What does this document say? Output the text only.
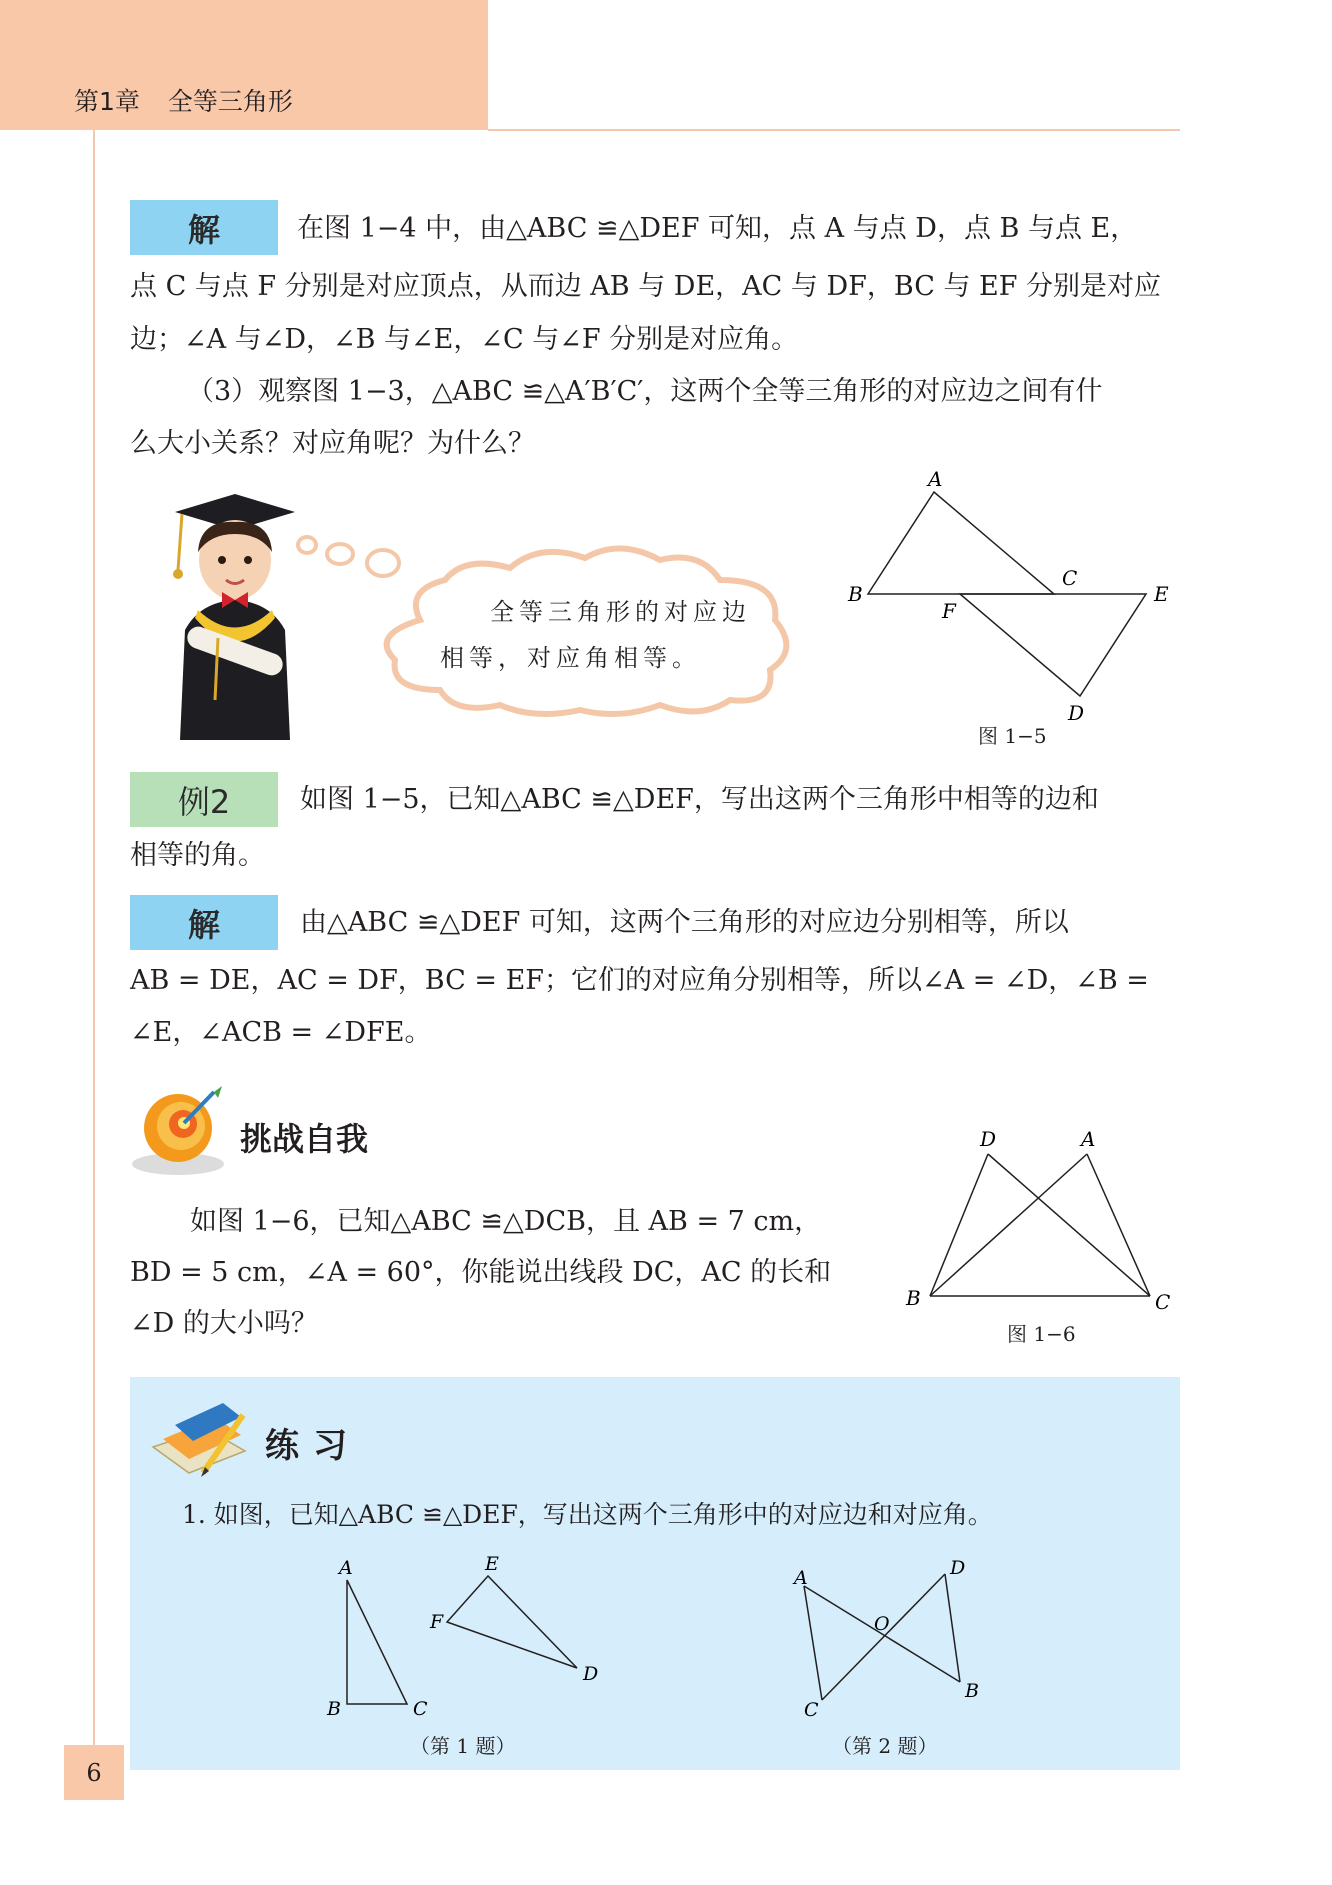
第1章 全等三角形
解	在图 1−4 中，由△ABC ≌△DEF 可知，点 A 与点 D，点 B 与点 E，
点 C 与点 F 分别是对应顶点，从而边 AB 与 DE，AC 与 DF，BC 与 EF 分别是对应
边；∠A 与∠D，∠B 与∠E，∠C 与∠F 分别是对应角。
（3）观察图 1−3，△ABC ≌△A′B′C′，这两个全等三角形的对应边之间有什
么大小关系？对应角呢？为什么？
全等三角形的对应边
相等，对应角相等。
A
B
C
D
E
F
图 1−5
例2	如图 1−5，已知△ABC ≌△DEF，写出这两个三角形中相等的边和
相等的角。
解	由△ABC ≌△DEF 可知，这两个三角形的对应边分别相等，所以
AB = DE，AC = DF，BC = EF；它们的对应角分别相等，所以∠A = ∠D，∠B =
∠E，∠ACB = ∠DFE。
挑战自我
如图 1−6，已知△ABC ≌△DCB，且 AB = 7 cm，
BD = 5 cm，∠A = 60°，你能说出线段 DC，AC 的长和
∠D 的大小吗？
D	A
B	C
图 1−6
练习
1. 如图，已知△ABC ≌△DEF，写出这两个三角形中的对应边和对应角。
A
B	C
D
E
F
（第 1 题）
A	D
O
C
B
（第 2 题）
6
